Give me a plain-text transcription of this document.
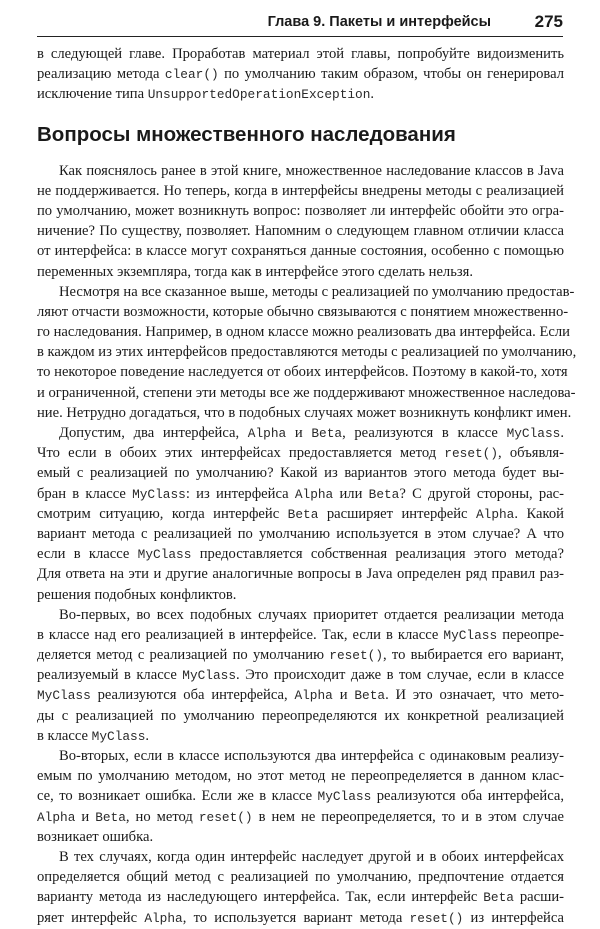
Глава 9. Пакеты и интерфейсы	275
в следующей главе. Проработав материал этой главы, попробуйте видоизменить
реализацию метода clear() по умолчанию таким образом, чтобы он генерировал
исключение типа UnsupportedOperationException.
Вопросы множественного наследования
Как пояснялось ранее в этой книге, множественное наследование классов в Java
не поддерживается. Но теперь, когда в интерфейсы внедрены методы с реализацией
по умолчанию, может возникнуть вопрос: позволяет ли интерфейс обойти это огра-
ничение? По существу, позволяет. Напомним о следующем главном отличии класса
от интерфейса: в классе могут сохраняться данные состояния, особенно с помощью
переменных экземпляра, тогда как в интерфейсе этого сделать нельзя.
Несмотря на все сказанное выше, методы с реализацией по умолчанию предостав-
ляют отчасти возможности, которые обычно связываются с понятием множественно-
го наследования. Например, в одном классе можно реализовать два интерфейса. Если
в каждом из этих интерфейсов предоставляются методы с реализацией по умолчанию,
то некоторое поведение наследуется от обоих интерфейсов. Поэтому в какой-то, хотя
и ограниченной, степени эти методы все же поддерживают множественное наследова-
ние. Нетрудно догадаться, что в подобных случаях может возникнуть конфликт имен.
Допустим, два интерфейса, Alpha и Beta, реализуются в классе MyClass.
Что если в обоих этих интерфейсах предоставляется метод reset(), объявля-
емый с реализацией по умолчанию? Какой из вариантов этого метода будет вы-
бран в классе MyClass: из интерфейса Alpha или Beta? С другой стороны, рас-
смотрим ситуацию, когда интерфейс Beta расширяет интерфейс Alpha. Какой
вариант метода с реализацией по умолчанию используется в этом случае? А что
если в классе MyClass предоставляется собственная реализация этого метода?
Для ответа на эти и другие аналогичные вопросы в Java определен ряд правил раз-
решения подобных конфликтов.
Во-первых, во всех подобных случаях приоритет отдается реализации метода
в классе над его реализацией в интерфейсе. Так, если в классе MyClass переопре-
деляется метод с реализацией по умолчанию reset(), то выбирается его вариант,
реализуемый в классе MyClass. Это происходит даже в том случае, если в классе
MyClass реализуются оба интерфейса, Alpha и Beta. И это означает, что мето-
ды с реализацией по умолчанию переопределяются их конкретной реализацией
в классе MyClass.
Во-вторых, если в классе используются два интерфейса с одинаковым реализу-
емым по умолчанию методом, но этот метод не переопределяется в данном клас-
се, то возникает ошибка. Если же в классе MyClass реализуются оба интерфейса,
Alpha и Beta, но метод reset() в нем не переопределяется, то и в этом случае
возникает ошибка.
В тех случаях, когда один интерфейс наследует другой и в обоих интерфейсах
определяется общий метод с реализацией по умолчанию, предпочтение отдается
варианту метода из наследующего интерфейса. Так, если интерфейс Beta расши-
ряет интерфейс Alpha, то используется вариант метода reset() из интерфейса
